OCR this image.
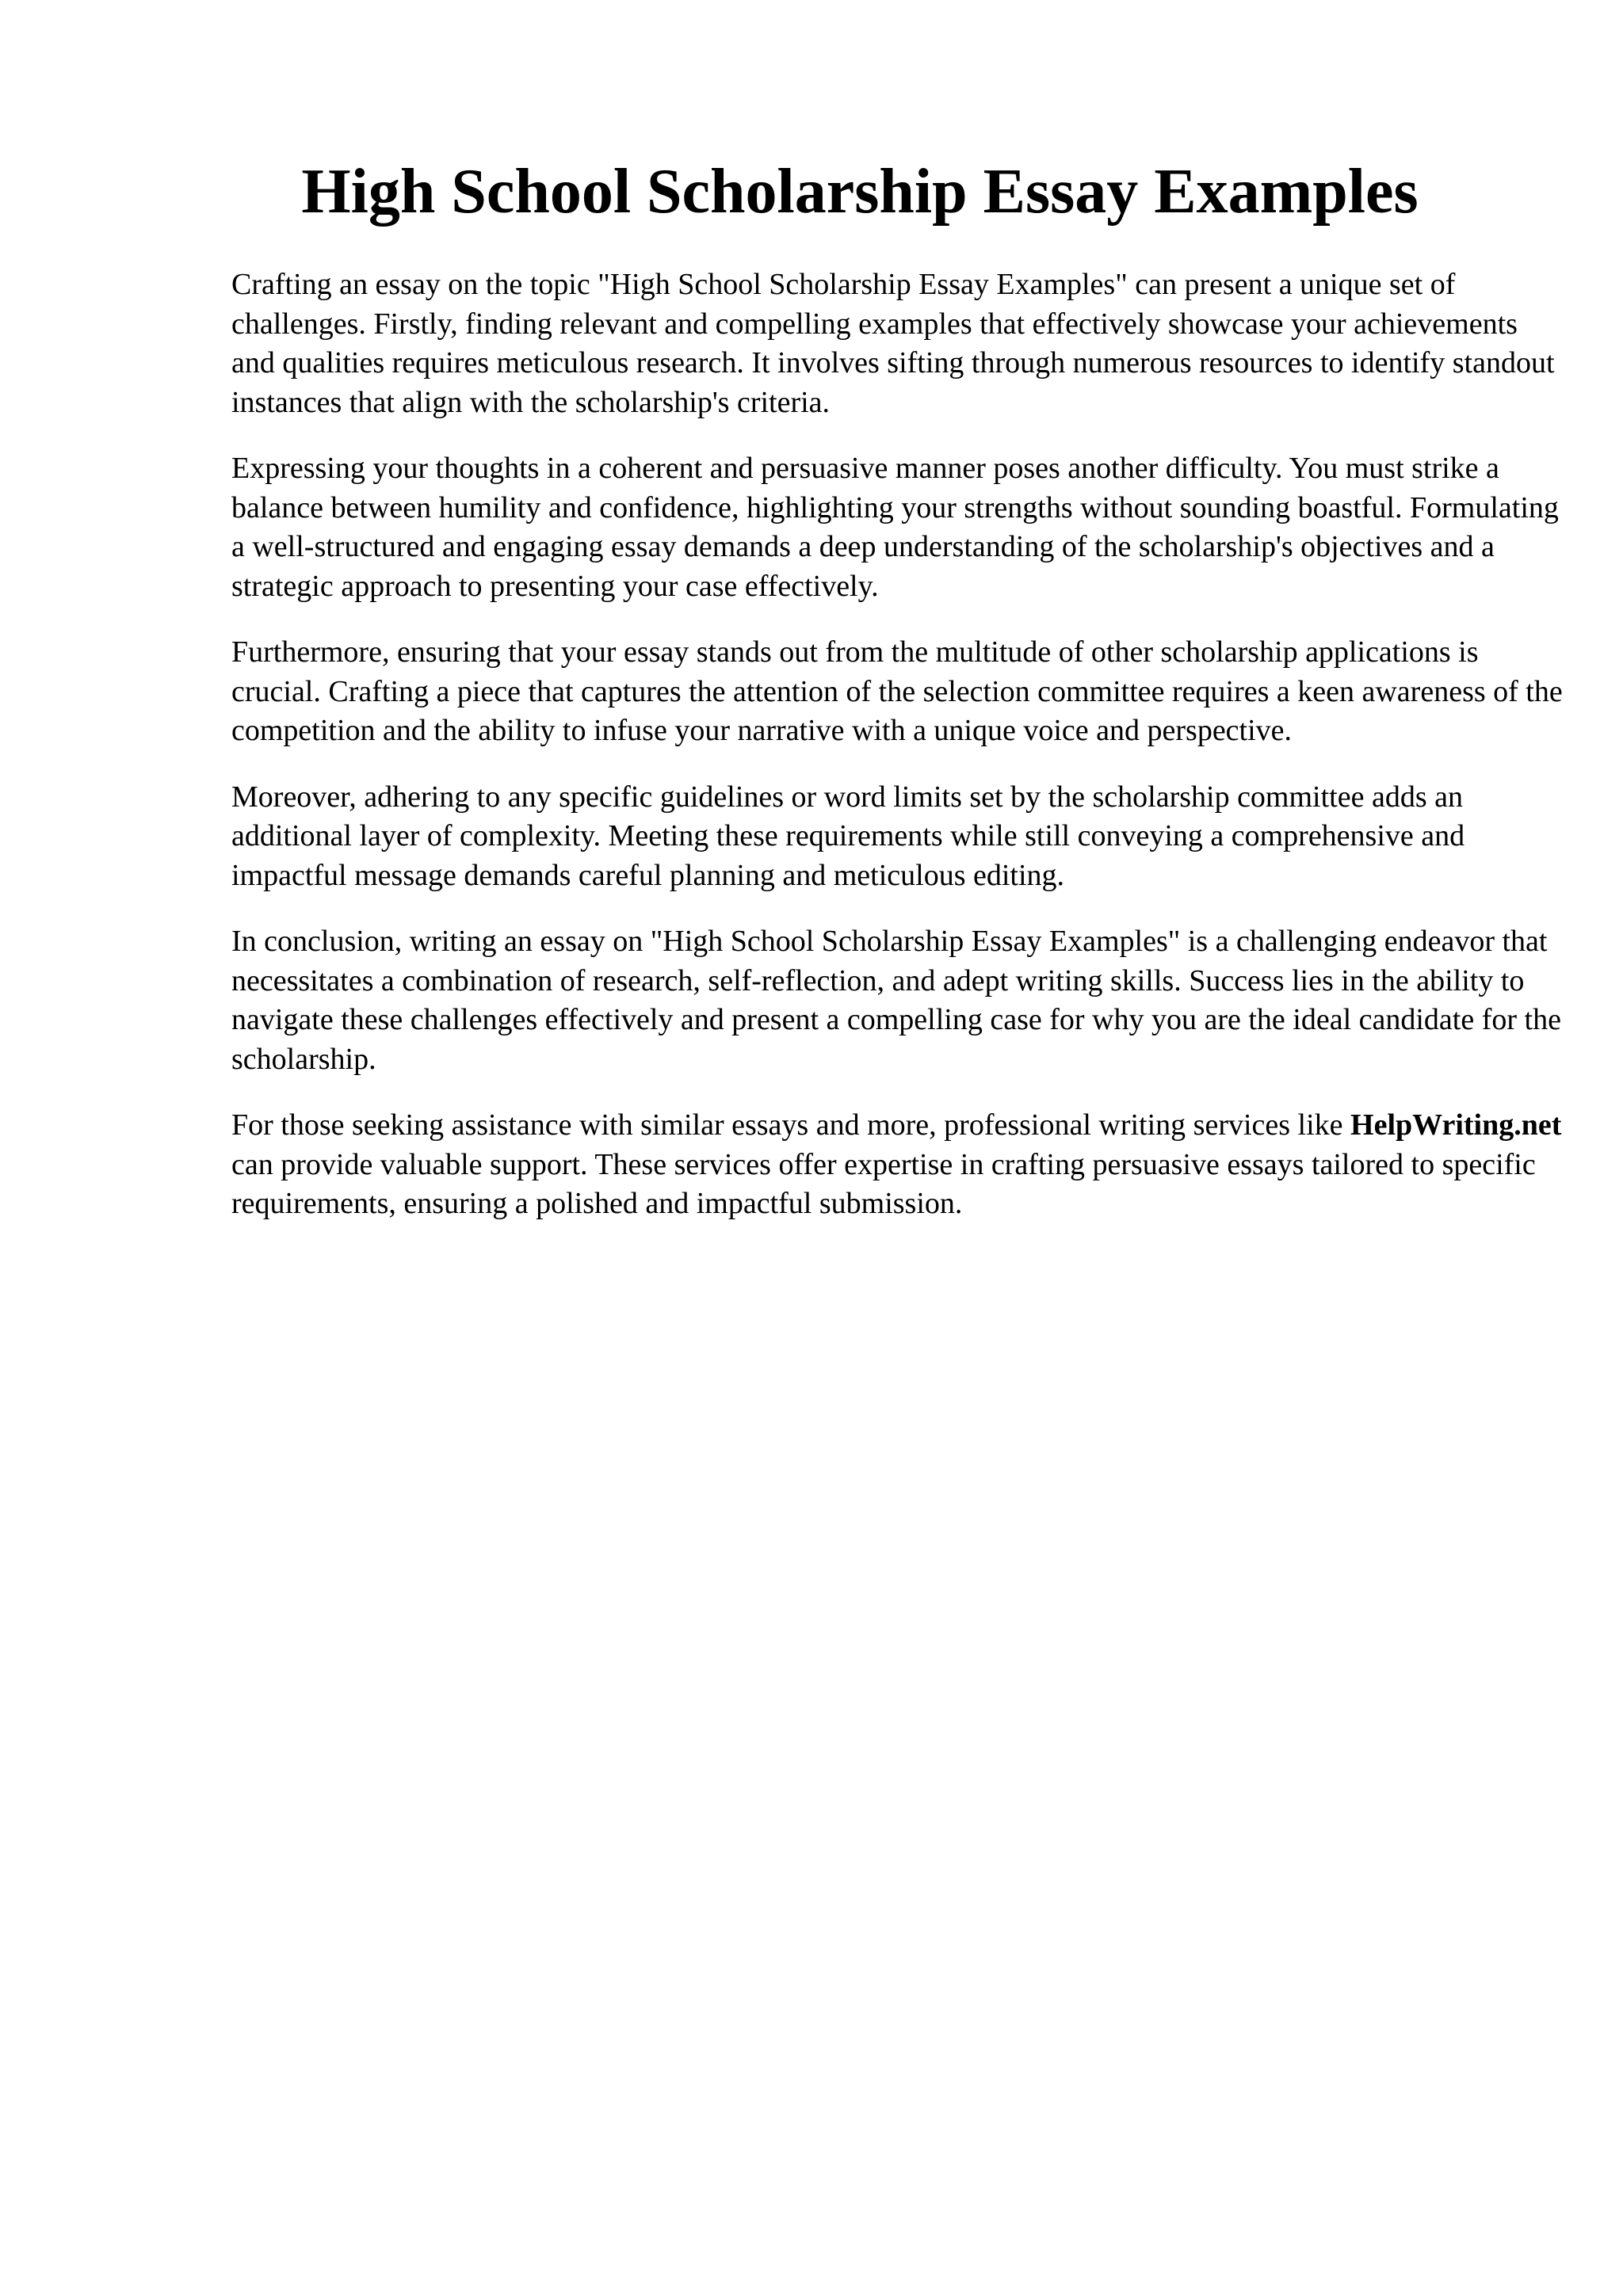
High School Scholarship Essay Examples

Crafting an essay on the topic "High School Scholarship Essay Examples" can present a unique set of challenges. Firstly, finding relevant and compelling examples that effectively showcase your achievements and qualities requires meticulous research. It involves sifting through numerous resources to identify standout instances that align with the scholarship's criteria.

Expressing your thoughts in a coherent and persuasive manner poses another difficulty. You must strike a balance between humility and confidence, highlighting your strengths without sounding boastful. Formulating a well-structured and engaging essay demands a deep understanding of the scholarship's objectives and a strategic approach to presenting your case effectively.

Furthermore, ensuring that your essay stands out from the multitude of other scholarship applications is crucial. Crafting a piece that captures the attention of the selection committee requires a keen awareness of the competition and the ability to infuse your narrative with a unique voice and perspective.

Moreover, adhering to any specific guidelines or word limits set by the scholarship committee adds an additional layer of complexity. Meeting these requirements while still conveying a comprehensive and impactful message demands careful planning and meticulous editing.

In conclusion, writing an essay on "High School Scholarship Essay Examples" is a challenging endeavor that necessitates a combination of research, self-reflection, and adept writing skills. Success lies in the ability to navigate these challenges effectively and present a compelling case for why you are the ideal candidate for the scholarship.

For those seeking assistance with similar essays and more, professional writing services like HelpWriting.net can provide valuable support. These services offer expertise in crafting persuasive essays tailored to specific requirements, ensuring a polished and impactful submission.
